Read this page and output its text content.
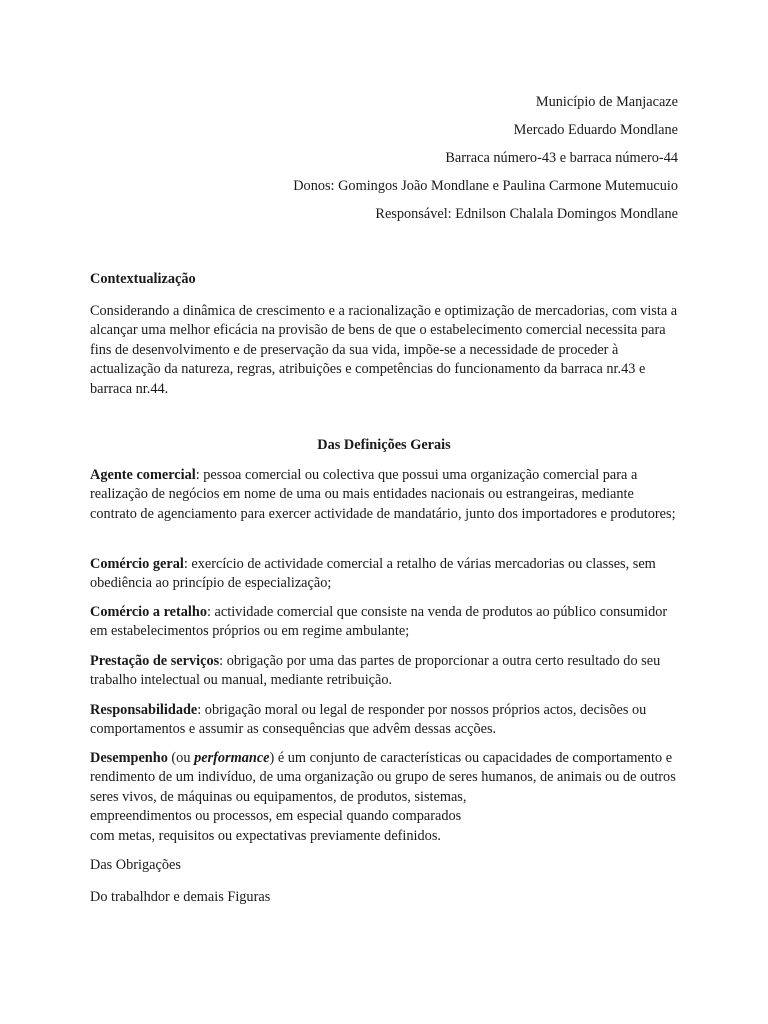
Município de Manjacaze
Mercado Eduardo Mondlane
Barraca número-43 e barraca número-44
Donos: Gomingos João Mondlane e Paulina Carmone Mutemucuio
Responsável: Ednilson Chalala Domingos Mondlane

Contextualização

Considerando a dinâmica de crescimento e a racionalização e optimização de mercadorias, com vista a alcançar uma melhor eficácia na provisão de bens de que o estabelecimento comercial necessita para fins de desenvolvimento e de preservação da sua vida, impõe-se a necessidade de proceder à actualização da natureza, regras, atribuições e competências do funcionamento da barraca nr.43 e barraca nr.44.

Das Definições Gerais

Agente comercial: pessoa comercial ou colectiva que possui uma organização comercial para a realização de negócios em nome de uma ou mais entidades nacionais ou estrangeiras, mediante contrato de agenciamento para exercer actividade de mandatário, junto dos importadores e produtores;

Comércio geral: exercício de actividade comercial a retalho de várias mercadorias ou classes, sem obediência ao princípio de especialização;

Comércio a retalho: actividade comercial que consiste na venda de produtos ao público consumidor em estabelecimentos próprios ou em regime ambulante;

Prestação de serviços: obrigação por uma das partes de proporcionar a outra certo resultado do seu trabalho intelectual ou manual, mediante retribuição.

Responsabilidade: obrigação moral ou legal de responder por nossos próprios actos, decisões ou comportamentos e assumir as consequências que advêm dessas acções.

Desempenho (ou performance) é um conjunto de características ou capacidades de comportamento e rendimento de um indivíduo, de uma organização ou grupo de seres humanos, de animais ou de outros seres vivos, de máquinas ou equipamentos, de produtos, sistemas,

empreendimentos ou processos, em especial quando comparados

com metas, requisitos ou expectativas previamente definidos.

Das Obrigações

Do trabalhdor e demais Figuras
